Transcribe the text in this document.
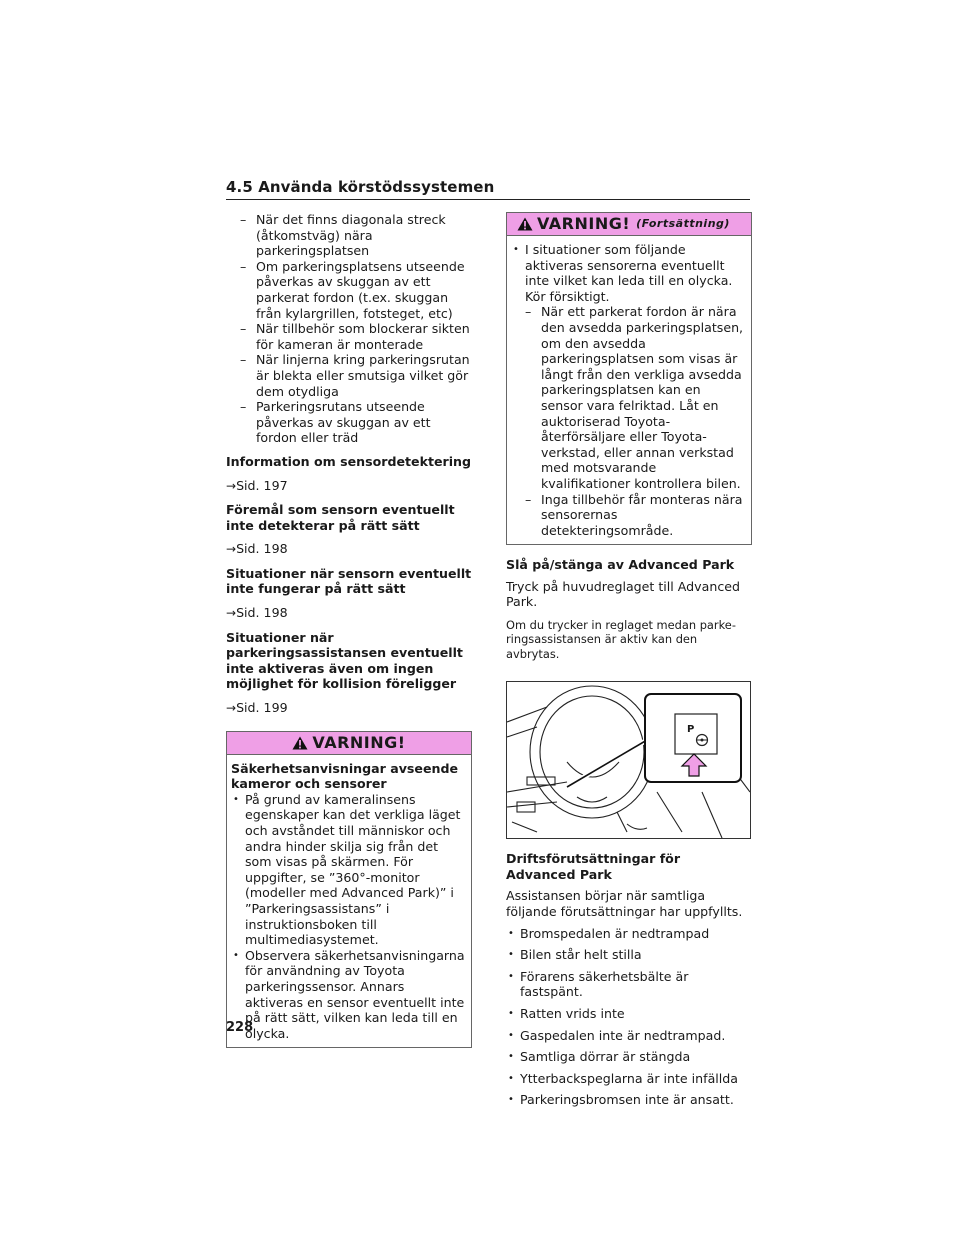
4.5 Använda körstödssystemen
– När det finns diagonala streck (åtkomstväg) nära parkeringsplatsen
– Om parkeringsplatsens utseende påverkas av skuggan av ett parkerat fordon (t.ex. skuggan från kylargrillen, fotsteget, etc)
– När tillbehör som blockerar sikten för kameran är monterade
– När linjerna kring parkeringsrutan är blekta eller smutsiga vilket gör dem otydliga
– Parkeringsrutans utseende påverkas av skuggan av ett fordon eller träd
Information om sensordetektering
→Sid. 197
Föremål som sensorn eventuellt inte detekterar på rätt sätt
→Sid. 198
Situationer när sensorn eventuellt inte fungerar på rätt sätt
→Sid. 198
Situationer när parkeringsassistansen eventuellt inte aktiveras även om ingen möjlighet för kollision föreligger
→Sid. 199
VARNING!
Säkerhetsanvisningar avseende kameror och sensorer
• På grund av kameralinsens egenskaper kan det verkliga läget och avståndet till människor och andra hinder skilja sig från det som visas på skärmen. För uppgifter, se ”360°-monitor (modeller med Advanced Park)” i ”Parkeringsassistans” i instruktionsboken till multimediasystemet.
• Observera säkerhetsanvisningarna för användning av Toyota parkeringssensor. Annars aktiveras en sensor eventuellt inte på rätt sätt, vilken kan leda till en olycka.
VARNING! (Fortsättning)
• I situationer som följande aktiveras sensorerna eventuellt inte vilket kan leda till en olycka. Kör försiktigt.
– När ett parkerat fordon är nära den avsedda parkeringsplatsen, om den avsedda parkeringsplatsen som visas är långt från den verkliga avsedda parkeringsplatsen kan en sensor vara felriktad. Låt en auktoriserad Toyota-återförsäljare eller Toyota-verkstad, eller annan verkstad med motsvarande kvalifikationer kontrollera bilen.
– Inga tillbehör får monteras nära sensorernas detekteringsområde.
Slå på/stänga av Advanced Park
Tryck på huvudreglaget till Advanced Park.
Om du trycker in reglaget medan parkeringsassistansen är aktiv kan den avbrytas.
P
Driftsförutsättningar för Advanced Park
Assistansen börjar när samtliga följande förutsättningar har uppfyllts.
• Bromspedalen är nedtrampad
• Bilen står helt stilla
• Förarens säkerhetsbälte är fastspänt.
• Ratten vrids inte
• Gaspedalen inte är nedtrampad.
• Samtliga dörrar är stängda
• Ytterbackspeglarna är inte infällda
• Parkeringsbromsen inte är ansatt.
228
